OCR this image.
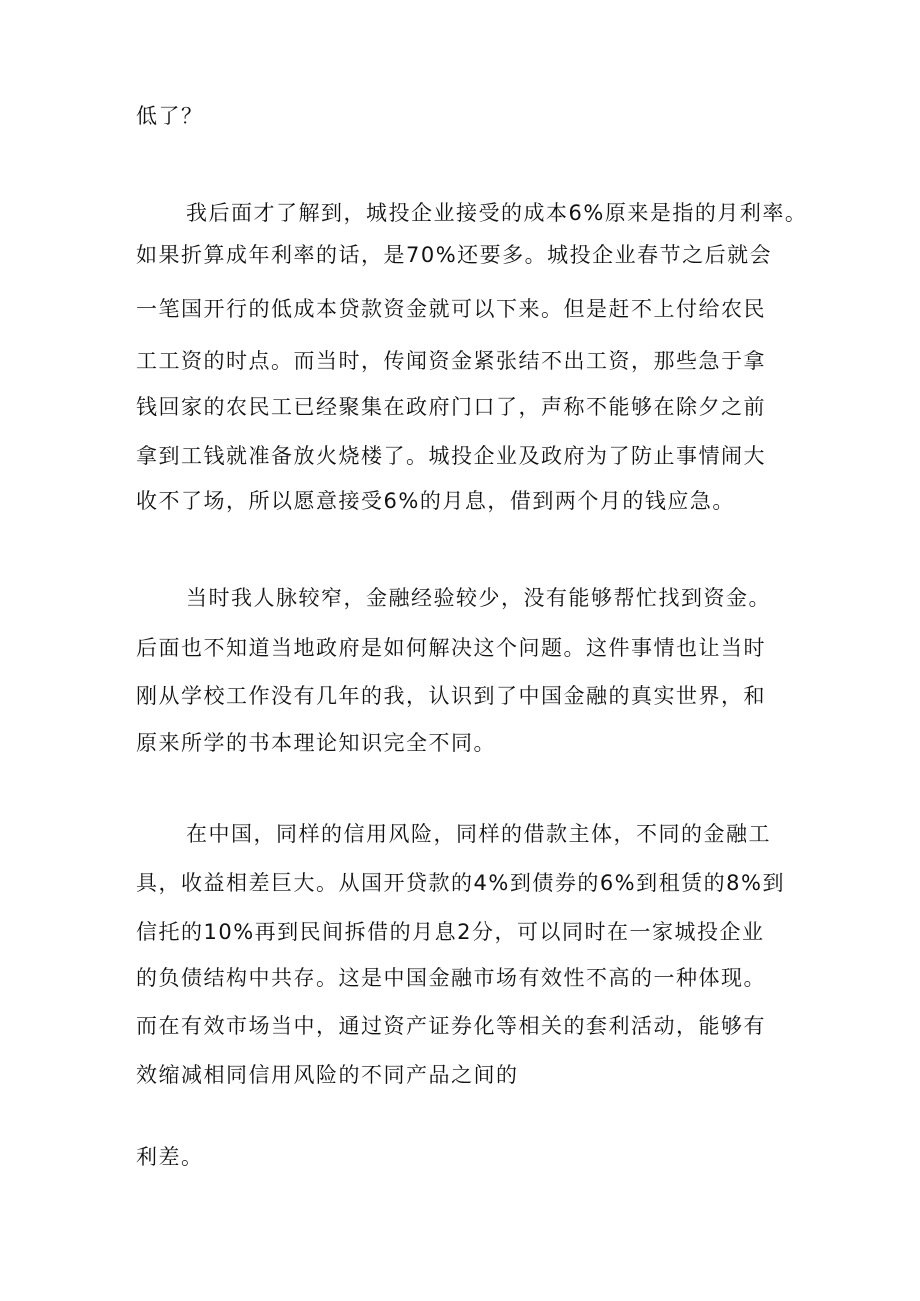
低了？
我后面才了解到，城投企业接受的成本6%原来是指的月利率。
如果折算成年利率的话，是70%还要多。城投企业春节之后就会
一笔国开行的低成本贷款资金就可以下来。但是赶不上付给农民
工工资的时点。而当时，传闻资金紧张结不出工资，那些急于拿
钱回家的农民工已经聚集在政府门口了，声称不能够在除夕之前
拿到工钱就准备放火烧楼了。城投企业及政府为了防止事情闹大
收不了场，所以愿意接受6%的月息，借到两个月的钱应急。
当时我人脉较窄，金融经验较少，没有能够帮忙找到资金。
后面也不知道当地政府是如何解决这个问题。这件事情也让当时
刚从学校工作没有几年的我，认识到了中国金融的真实世界，和
原来所学的书本理论知识完全不同。
在中国，同样的信用风险，同样的借款主体，不同的金融工
具，收益相差巨大。从国开贷款的4%到债券的6%到租赁的8%到
信托的10%再到民间拆借的月息2分，可以同时在一家城投企业
的负债结构中共存。这是中国金融市场有效性不高的一种体现。
而在有效市场当中，通过资产证券化等相关的套利活动，能够有
效缩减相同信用风险的不同产品之间的
利差。
